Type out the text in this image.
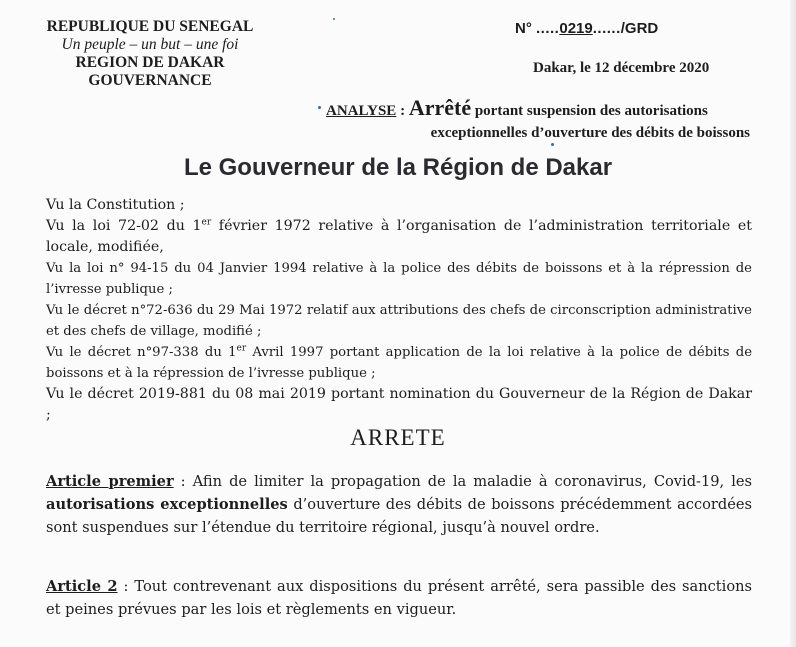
REPUBLIQUE DU SENEGAL
Un peuple – un but – une foi
REGION DE DAKAR
GOUVERNANCE
N° .....0219....../GRD
Dakar, le 12 décembre 2020
ANALYSE : Arrêté portant suspension des autorisations
exceptionnelles d’ouverture des débits de boissons
Le Gouverneur de la Région de Dakar

Vu la Constitution ;

Vu la loi 72-02 du 1er février 1972 relative à l’organisation de l’administration territoriale et locale, modifiée,

Vu la loi n° 94-15 du 04 Janvier 1994 relative à la police des débits de boissons et à la répression de l’ivresse publique ;

Vu le décret n°72-636 du 29 Mai 1972 relatif aux attributions des chefs de circonscription administrative et des chefs de village, modifié ;

Vu le décret n°97-338 du 1er Avril 1997 portant application de la loi relative à la police de débits de boissons et à la répression de l’ivresse publique ;

Vu le décret 2019-881 du 08 mai 2019 portant nomination du Gouverneur de la Région de Dakar ;

ARRETE
Article premier : Afin de limiter la propagation de la maladie à coronavirus, Covid-19, les autorisations exceptionnelles d’ouverture des débits de boissons précédemment accordées sont suspendues sur l’étendue du territoire régional, jusqu’à nouvel ordre.
Article 2 : Tout contrevenant aux dispositions du présent arrêté, sera passible des sanctions et peines prévues par les lois et règlements en vigueur.
